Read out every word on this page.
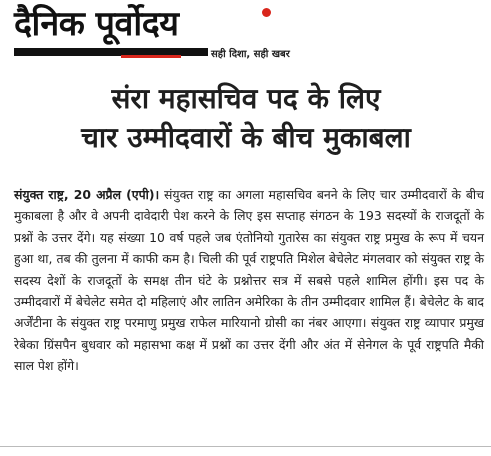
दैनिक पूर्वोदय
सही दिशा, सही खबर
संरा महासचिव पद के लिए
चार उम्मीदवारों के बीच मुकाबला
संयुक्त राष्ट्र, 20 अप्रैल (एपी)। संयुक्त राष्ट्र का अगला महासचिव बनने के लिए चार उम्मीदवारों के बीच मुकाबला है और वे अपनी दावेदारी पेश करने के लिए इस सप्ताह संगठन के 193 सदस्यों के राजदूतों के प्रश्नों के उत्तर देंगे। यह संख्या 10 वर्ष पहले जब एंतोनियो गुतारेस का संयुक्त राष्ट्र प्रमुख के रूप में चयन हुआ था, तब की तुलना में काफी कम है। चिली की पूर्व राष्ट्रपति मिशेल बेचेलेट मंगलवार को संयुक्त राष्ट्र के सदस्य देशों के राजदूतों के समक्ष तीन घंटे के प्रश्नोत्तर सत्र में सबसे पहले शामिल होंगी। इस पद के उम्मीदवारों में बेचेलेट समेत दो महिलाएं और लातिन अमेरिका के तीन उम्मीदवार शामिल हैं। बेचेलेट के बाद अर्जेंटीना के संयुक्त राष्ट्र परमाणु प्रमुख राफेल मारियानो ग्रोसी का नंबर आएगा। संयुक्त राष्ट्र व्यापार प्रमुख रेबेका ग्रिंसपैन बुधवार को महासभा कक्ष में प्रश्नों का उत्तर देंगी और अंत में सेनेगल के पूर्व राष्ट्रपति मैकी साल पेश होंगे।
